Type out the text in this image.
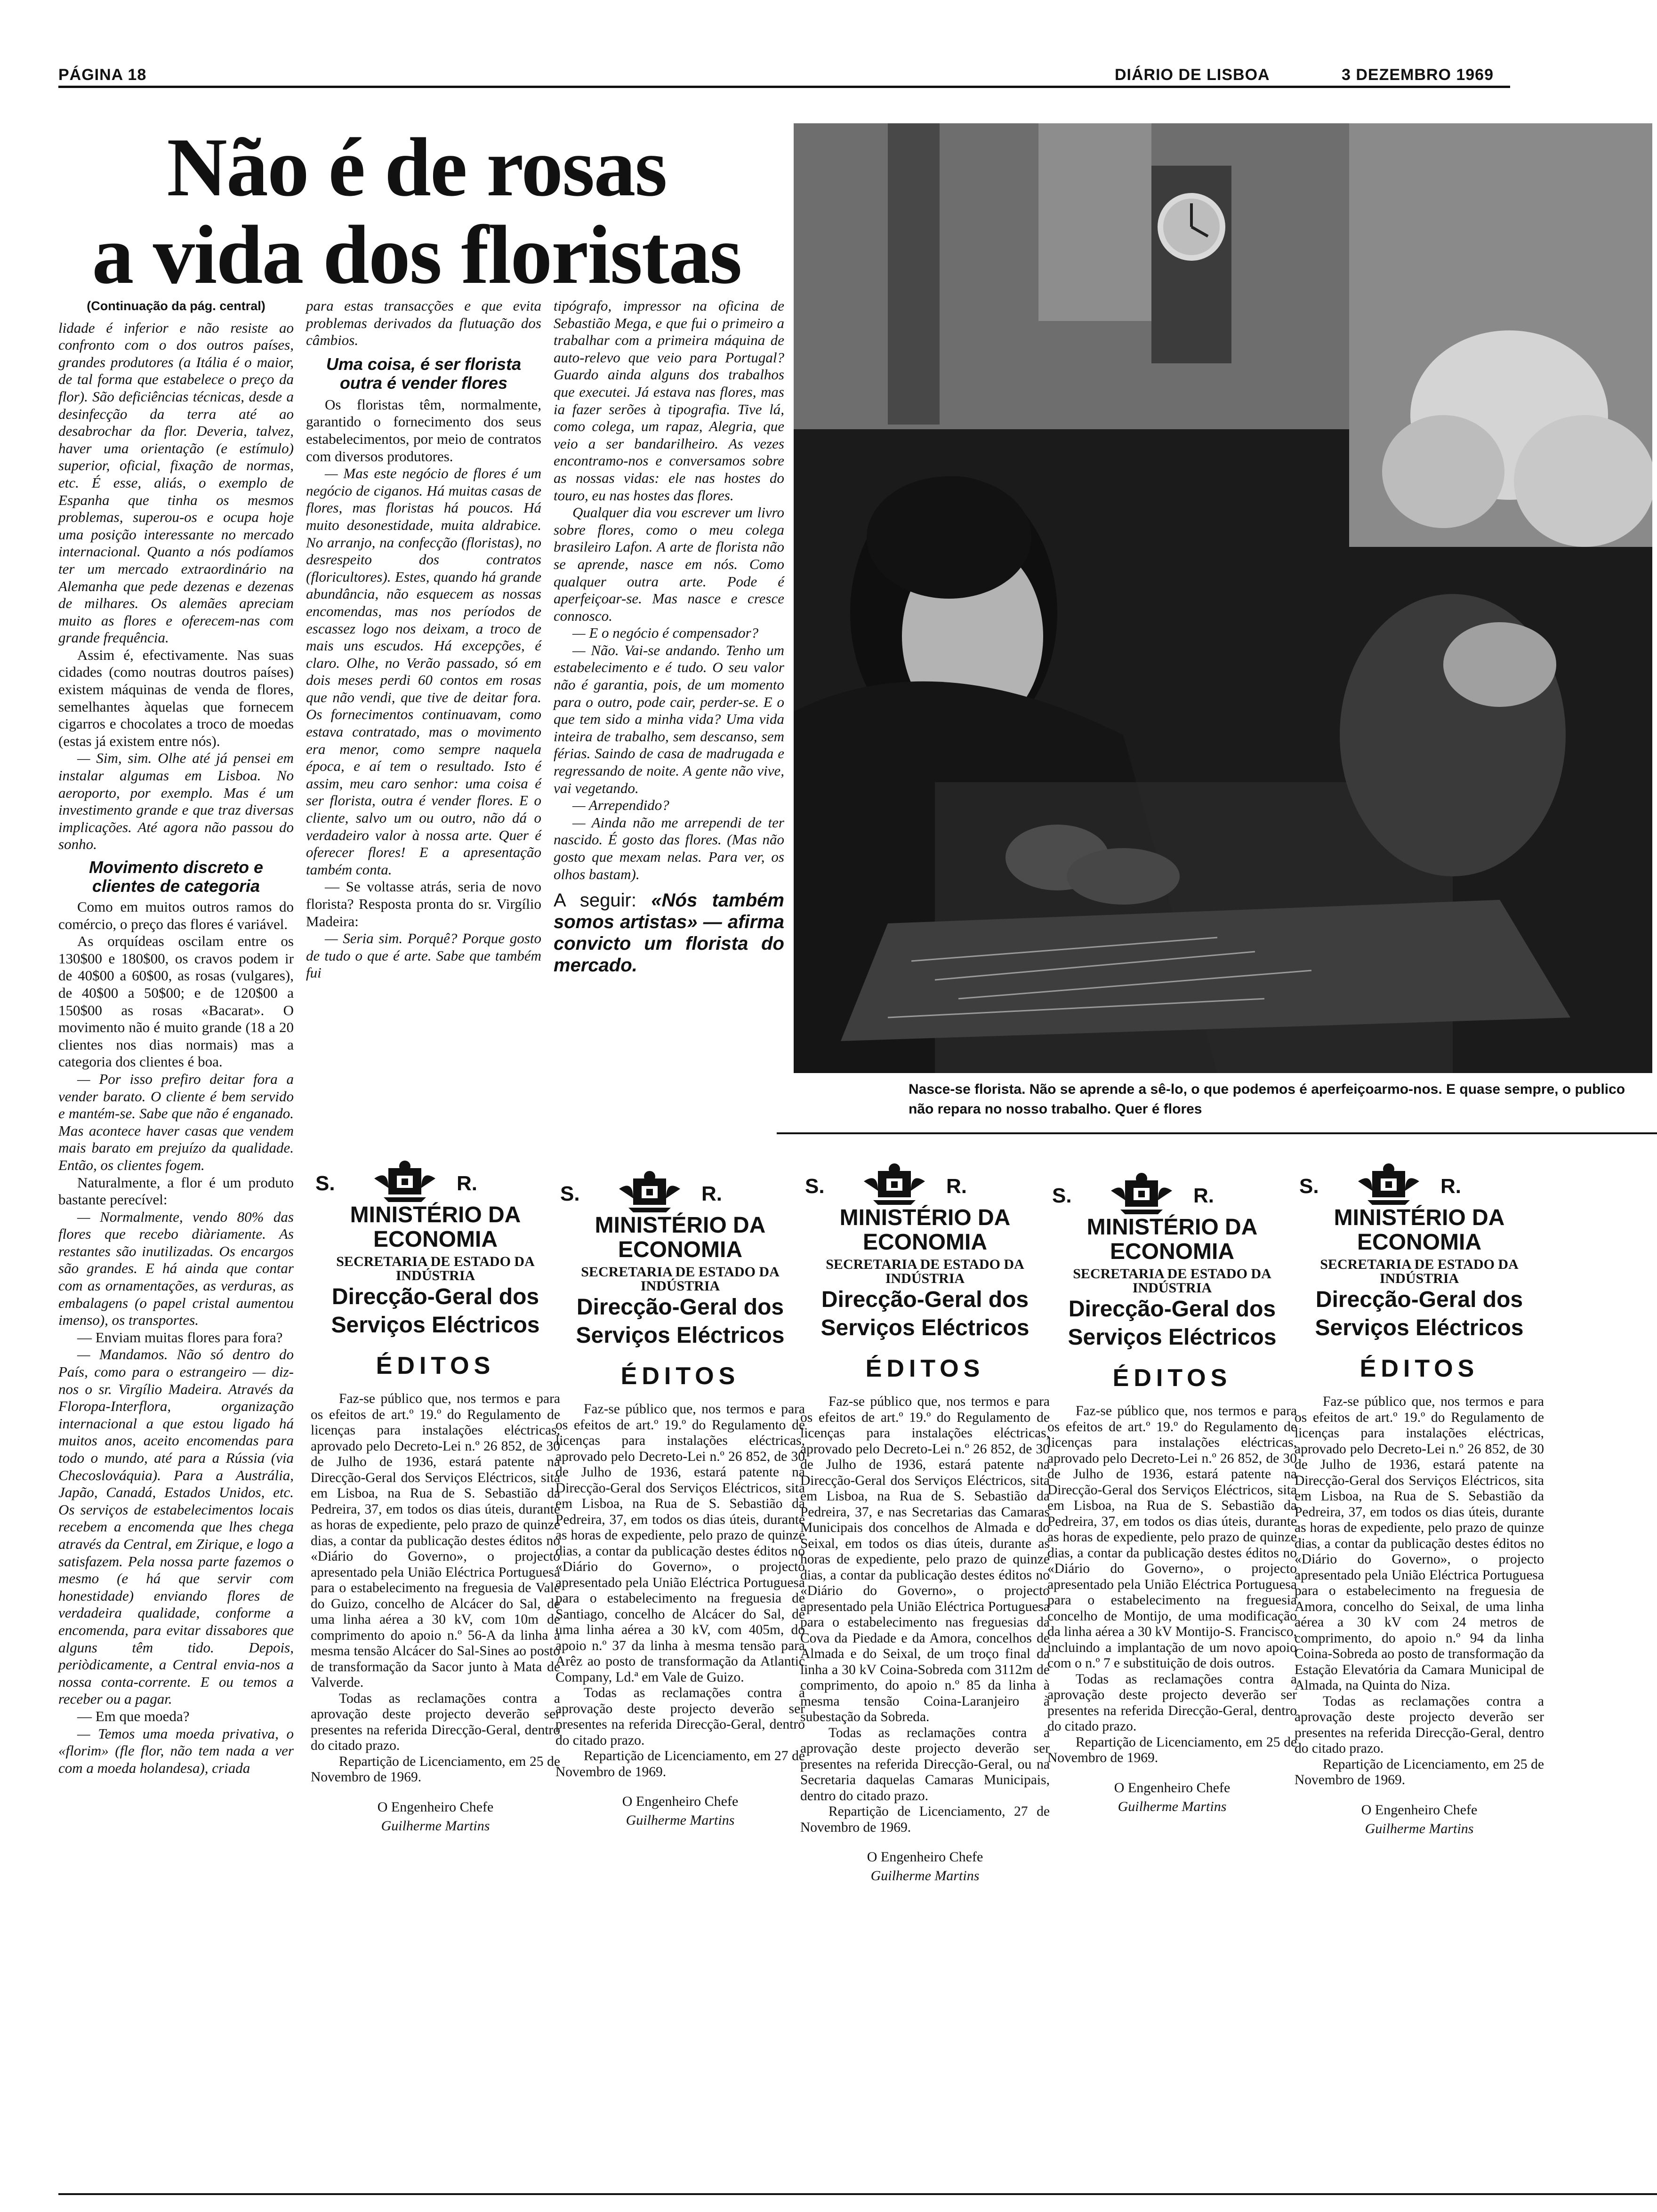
PÁGINA 18	DIÁRIO DE LISBOA	3 DEZEMBRO 1969
Não é de rosas
a vida dos floristas
Nasce-se florista. Não se aprende a sê-lo, o que podemos é aperfeiçoarmo-nos. E quase sempre, o publico não repara no nosso trabalho. Quer é flores

(Continuação da pág. central)

lidade é inferior e não resiste ao confronto com o dos outros países, grandes produtores (a Itália é o maior, de tal forma que estabelece o preço da flor). São deficiências técnicas, desde a desinfecção da terra até ao desabrochar da flor. Deveria, talvez, haver uma orientação (e estímulo) superior, oficial, fixação de normas, etc. É esse, aliás, o exemplo de Espanha que tinha os mesmos problemas, superou-os e ocupa hoje uma posição interessante no mercado internacional. Quanto a nós podíamos ter um mercado extraordinário na Alemanha que pede dezenas e dezenas de milhares. Os alemães apreciam muito as flores e oferecem-nas com grande frequência.

Assim é, efectivamente. Nas suas cidades (como noutras doutros países) existem máquinas de venda de flores, semelhantes àquelas que fornecem cigarros e chocolates a troco de moedas (estas já existem entre nós).

— Sim, sim. Olhe até já pensei em instalar algumas em Lisboa. No aeroporto, por exemplo. Mas é um investimento grande e que traz diversas implicações. Até agora não passou do sonho.

Movimento discreto e clientes de categoria

Como em muitos outros ramos do comércio, o preço das flores é variável.

As orquídeas oscilam entre os 130$00 e 180$00, os cravos podem ir de 40$00 a 60$00, as rosas (vulgares), de 40$00 a 50$00; e de 120$00 a 150$00 as rosas «Bacarat». O movimento não é muito grande (18 a 20 clientes nos dias normais) mas a categoria dos clientes é boa.

— Por isso prefiro deitar fora a vender barato. O cliente é bem servido e mantém-se. Sabe que não é enganado. Mas acontece haver casas que vendem mais barato em prejuízo da qualidade. Então, os clientes fogem.

Naturalmente, a flor é um produto bastante perecível:

— Normalmente, vendo 80% das flores que recebo diàriamente. As restantes são inutilizadas. Os encargos são grandes. E há ainda que contar com as ornamentações, as verduras, as embalagens (o papel cristal aumentou imenso), os transportes.

— Enviam muitas flores para fora?

— Mandamos. Não só dentro do País, como para o estrangeiro — diz-nos o sr. Virgílio Madeira. Através da Floropa-Interflora, organização internacional a que estou ligado há muitos anos, aceito encomendas para todo o mundo, até para a Rússia (via Checoslováquia). Para a Austrália, Japão, Canadá, Estados Unidos, etc. Os serviços de estabelecimentos locais recebem a encomenda que lhes chega através da Central, em Zirique, e logo a satisfazem. Pela nossa parte fazemos o mesmo (e há que servir com honestidade) enviando flores de verdadeira qualidade, conforme a encomenda, para evitar dissabores que alguns têm tido. Depois, periòdicamente, a Central envia-nos a nossa conta-corrente. E ou temos a receber ou a pagar.

— Em que moeda?

— Temos uma moeda privativa, o «florim» (fle flor, não tem nada a ver com a moeda holandesa), criada

para estas transacções e que evita problemas derivados da flutuação dos câmbios.

Uma coisa, é ser florista outra é vender flores

Os floristas têm, normalmente, garantido o fornecimento dos seus estabelecimentos, por meio de contratos com diversos produtores.

— Mas este negócio de flores é um negócio de ciganos. Há muitas casas de flores, mas floristas há poucos. Há muito desonestidade, muita aldrabice. No arranjo, na confecção (floristas), no desrespeito dos contratos (floricultores). Estes, quando há grande abundância, não esquecem as nossas encomendas, mas nos períodos de escassez logo nos deixam, a troco de mais uns escudos. Há excepções, é claro. Olhe, no Verão passado, só em dois meses perdi 60 contos em rosas que não vendi, que tive de deitar fora. Os fornecimentos continuavam, como estava contratado, mas o movimento era menor, como sempre naquela época, e aí tem o resultado. Isto é assim, meu caro senhor: uma coisa é ser florista, outra é vender flores. E o cliente, salvo um ou outro, não dá o verdadeiro valor à nossa arte. Quer é oferecer flores! E a apresentação também conta.

— Se voltasse atrás, seria de novo florista? Resposta pronta do sr. Virgílio Madeira:

— Seria sim. Porquê? Porque gosto de tudo o que é arte. Sabe que também fui

tipógrafo, impressor na oficina de Sebastião Mega, e que fui o primeiro a trabalhar com a primeira máquina de auto-relevo que veio para Portugal? Guardo ainda alguns dos trabalhos que executei. Já estava nas flores, mas ia fazer serões à tipografia. Tive lá, como colega, um rapaz, Alegria, que veio a ser bandarilheiro. As vezes encontramo-nos e conversamos sobre as nossas vidas: ele nas hostes do touro, eu nas hostes das flores.

Qualquer dia vou escrever um livro sobre flores, como o meu colega brasileiro Lafon. A arte de florista não se aprende, nasce em nós. Como qualquer outra arte. Pode é aperfeiçoar-se. Mas nasce e cresce connosco.

— E o negócio é compensador?

— Não. Vai-se andando. Tenho um estabelecimento e é tudo. O seu valor não é garantia, pois, de um momento para o outro, pode cair, perder-se. E o que tem sido a minha vida? Uma vida inteira de trabalho, sem descanso, sem férias. Saindo de casa de madrugada e regressando de noite. A gente não vive, vai vegetando.

— Arrependido?

— Ainda não me arrependi de ter nascido. É gosto das flores. (Mas não gosto que mexam nelas. Para ver, os olhos bastam).

A seguir: «Nós também somos artistas» — afirma convicto um florista do mercado.
S.	R.
MINISTÉRIO DA ECONOMIA
SECRETARIA DE ESTADO DA INDÚSTRIA
Direcção-Geral dos Serviços Eléctricos
ÉDITOS

Faz-se público que, nos termos e para os efeitos de art.º 19.º do Regulamento de licenças para instalações eléctricas, aprovado pelo Decreto-Lei n.º 26 852, de 30 de Julho de 1936, estará patente na Direcção-Geral dos Serviços Eléctricos, sita em Lisboa, na Rua de S. Sebastião da Pedreira, 37, em todos os dias úteis, durante as horas de expediente, pelo prazo de quinze dias, a contar da publicação destes éditos no «Diário do Governo», o projecto apresentado pela União Eléctrica Portuguesa para o estabelecimento na freguesia de Vale do Guizo, concelho de Alcácer do Sal, de uma linha aérea a 30 kV, com 10m de comprimento do apoio n.º 56-A da linha à mesma tensão Alcácer do Sal-Sines ao posto de transformação da Sacor junto à Mata de Valverde.

Todas as reclamações contra a aprovação deste projecto deverão ser presentes na referida Direcção-Geral, dentro do citado prazo.

Repartição de Licenciamento, em 25 de Novembro de 1969.

O Engenheiro Chefe
Guilherme Martins
S.	R.
MINISTÉRIO DA ECONOMIA
SECRETARIA DE ESTADO DA INDÚSTRIA
Direcção-Geral dos Serviços Eléctricos
ÉDITOS

Faz-se público que, nos termos e para os efeitos de art.º 19.º do Regulamento de licenças para instalações eléctricas, aprovado pelo Decreto-Lei n.º 26 852, de 30 de Julho de 1936, estará patente na Direcção-Geral dos Serviços Eléctricos, sita em Lisboa, na Rua de S. Sebastião da Pedreira, 37, em todos os dias úteis, durante as horas de expediente, pelo prazo de quinze dias, a contar da publicação destes éditos no «Diário do Governo», o projecto apresentado pela União Eléctrica Portuguesa para o estabelecimento na freguesia de Santiago, concelho de Alcácer do Sal, de uma linha aérea a 30 kV, com 405m, do apoio n.º 37 da linha à mesma tensão para Arêz ao posto de transformação da Atlantic Company, Ld.ª em Vale de Guizo.

Todas as reclamações contra a aprovação deste projecto deverão ser presentes na referida Direcção-Geral, dentro do citado prazo.

Repartição de Licenciamento, em 27 de Novembro de 1969.

O Engenheiro Chefe
Guilherme Martins
S.	R.
MINISTÉRIO DA ECONOMIA
SECRETARIA DE ESTADO DA INDÚSTRIA
Direcção-Geral dos Serviços Eléctricos
ÉDITOS

Faz-se público que, nos termos e para os efeitos de art.º 19.º do Regulamento de licenças para instalações eléctricas, aprovado pelo Decreto-Lei n.º 26 852, de 30 de Julho de 1936, estará patente na Direcção-Geral dos Serviços Eléctricos, sita em Lisboa, na Rua de S. Sebastião da Pedreira, 37, e nas Secretarias das Camaras Municipais dos concelhos de Almada e do Seixal, em todos os dias úteis, durante as horas de expediente, pelo prazo de quinze dias, a contar da publicação destes éditos no «Diário do Governo», o projecto apresentado pela União Eléctrica Portuguesa para o estabelecimento nas freguesias da Cova da Piedade e da Amora, concelhos de Almada e do Seixal, de um troço final da linha a 30 kV Coina-Sobreda com 3112m de comprimento, do apoio n.º 85 da linha à mesma tensão Coina-Laranjeiro à subestação da Sobreda.

Todas as reclamações contra a aprovação deste projecto deverão ser presentes na referida Direcção-Geral, ou na Secretaria daquelas Camaras Municipais, dentro do citado prazo.

Repartição de Licenciamento, 27 de Novembro de 1969.

O Engenheiro Chefe
Guilherme Martins
S.	R.
MINISTÉRIO DA ECONOMIA
SECRETARIA DE ESTADO DA INDÚSTRIA
Direcção-Geral dos Serviços Eléctricos
ÉDITOS

Faz-se público que, nos termos e para os efeitos de art.º 19.º do Regulamento de licenças para instalações eléctricas, aprovado pelo Decreto-Lei n.º 26 852, de 30 de Julho de 1936, estará patente na Direcção-Geral dos Serviços Eléctricos, sita em Lisboa, na Rua de S. Sebastião da Pedreira, 37, em todos os dias úteis, durante as horas de expediente, pelo prazo de quinze dias, a contar da publicação destes éditos no «Diário do Governo», o projecto apresentado pela União Eléctrica Portuguesa para o estabelecimento na freguesia concelho de Montijo, de uma modificação da linha aérea a 30 kV Montijo-S. Francisco, incluindo a implantação de um novo apoio com o n.º 7 e substituição de dois outros.

Todas as reclamações contra a aprovação deste projecto deverão ser presentes na referida Direcção-Geral, dentro do citado prazo.

Repartição de Licenciamento, em 25 de Novembro de 1969.

O Engenheiro Chefe
Guilherme Martins
S.	R.
MINISTÉRIO DA ECONOMIA
SECRETARIA DE ESTADO DA INDÚSTRIA
Direcção-Geral dos Serviços Eléctricos
ÉDITOS

Faz-se público que, nos termos e para os efeitos de art.º 19.º do Regulamento de licenças para instalações eléctricas, aprovado pelo Decreto-Lei n.º 26 852, de 30 de Julho de 1936, estará patente na Direcção-Geral dos Serviços Eléctricos, sita em Lisboa, na Rua de S. Sebastião da Pedreira, 37, em todos os dias úteis, durante as horas de expediente, pelo prazo de quinze dias, a contar da publicação destes éditos no «Diário do Governo», o projecto apresentado pela União Eléctrica Portuguesa para o estabelecimento na freguesia de Amora, concelho do Seixal, de uma linha aérea a 30 kV com 24 metros de comprimento, do apoio n.º 94 da linha Coina-Sobreda ao posto de transformação da Estação Elevatória da Camara Municipal de Almada, na Quinta do Niza.

Todas as reclamações contra a aprovação deste projecto deverão ser presentes na referida Direcção-Geral, dentro do citado prazo.

Repartição de Licenciamento, em 25 de Novembro de 1969.

O Engenheiro Chefe
Guilherme Martins
